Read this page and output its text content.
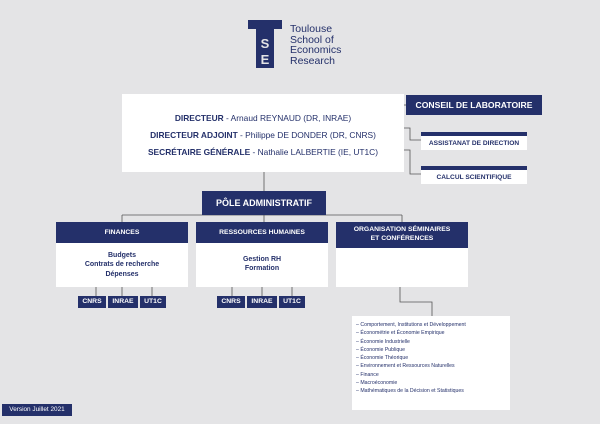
S
E
Toulouse
School of
Economics
Research
DIRECTEUR - Arnaud REYNAUD (DR, INRAE)
DIRECTEUR ADJOINT - Philippe DE DONDER (DR, CNRS)
SECRÉTAIRE GÉNÉRALE - Nathalie LALBERTIE (IE, UT1C)
CONSEIL DE LABORATOIRE
ASSISTANAT DE DIRECTION
CALCUL SCIENTIFIQUE
PÔLE ADMINISTRATIF
FINANCES
Budgets
Contrats de recherche
Dépenses
CNRS	INRAE	UT1C
RESSOURCES HUMAINES
Gestion RH
Formation
CNRS	INRAE	UT1C
ORGANISATION SÉMINAIRES
ET CONFÉRENCES
– Comportement, Institutions et Développement
– Économétrie et Économie Empirique
– Économie Industrielle
– Économie Publique
– Économie Théorique
– Environnement et Ressources Naturelles
– Finance
– Macroéconomie
– Mathématiques de la Décision et Statistiques
Version Juillet 2021
